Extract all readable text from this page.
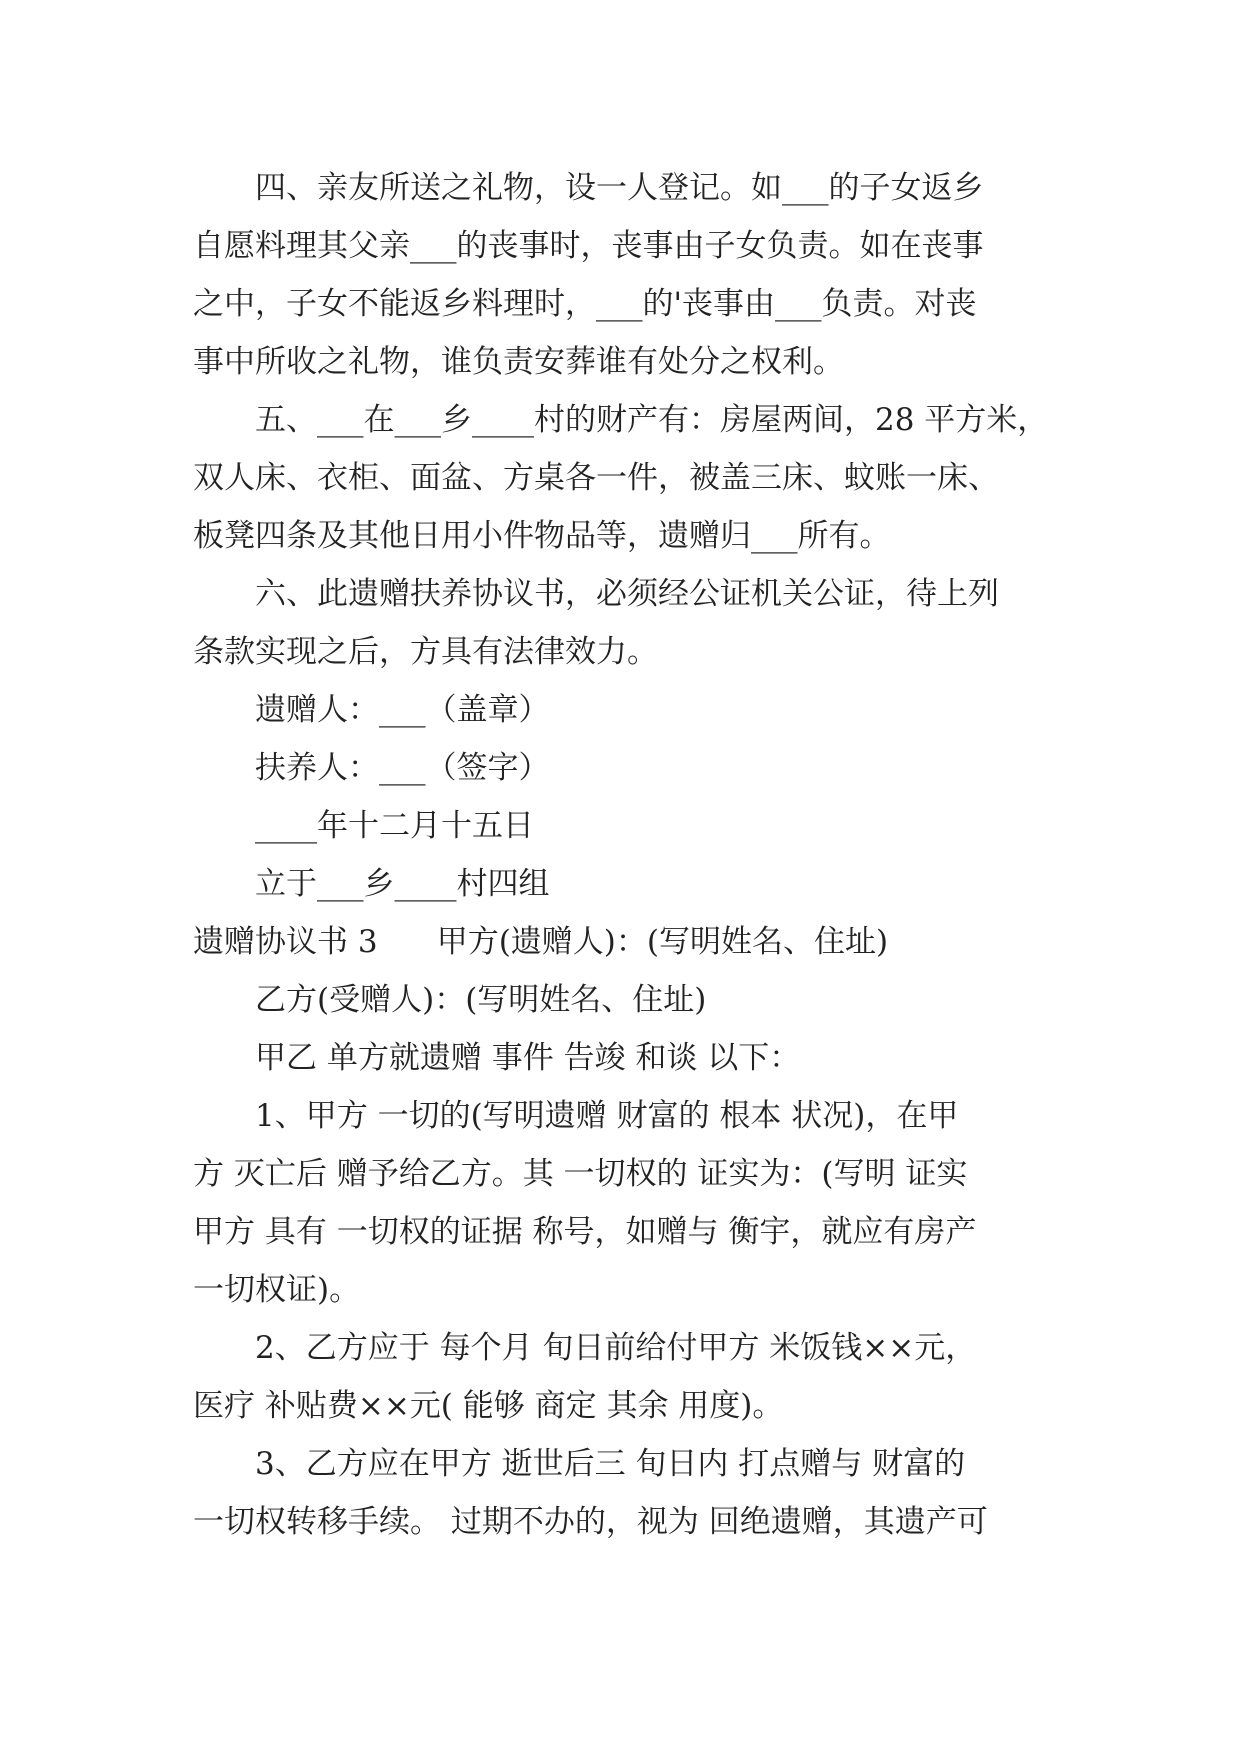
四、亲友所送之礼物，设一人登记。如___的子女返乡

自愿料理其父亲___的丧事时，丧事由子女负责。如在丧事

之中，子女不能返乡料理时，___的'丧事由___负责。对丧

事中所收之礼物，谁负责安葬谁有处分之权利。

五、___在___乡____村的财产有：房屋两间，28 平方米，

双人床、衣柜、面盆、方桌各一件，被盖三床、蚊账一床、

板凳四条及其他日用小件物品等，遗赠归___所有。

六、此遗赠扶养协议书，必须经公证机关公证，待上列

条款实现之后，方具有法律效力。

遗赠人：___（盖章）

扶养人：___（签字）

____年十二月十五日

立于___乡____村四组

遗赠协议书 3      甲方(遗赠人)：(写明姓名、住址)

乙方(受赠人)：(写明姓名、住址)

甲乙 单方就遗赠 事件 告竣 和谈 以下：

1、甲方 一切的(写明遗赠 财富的 根本 状况)，在甲

方 灭亡后 赠予给乙方。其 一切权的 证实为：(写明 证实

甲方 具有 一切权的证据 称号，如赠与 衡宇，就应有房产

一切权证)。

2、乙方应于 每个月 旬日前给付甲方 米饭钱××元，

医疗 补贴费××元( 能够 商定 其余 用度)。

3、乙方应在甲方 逝世后三 旬日内 打点赠与 财富的

一切权转移手续。 过期不办的，视为 回绝遗赠，其遗产可
